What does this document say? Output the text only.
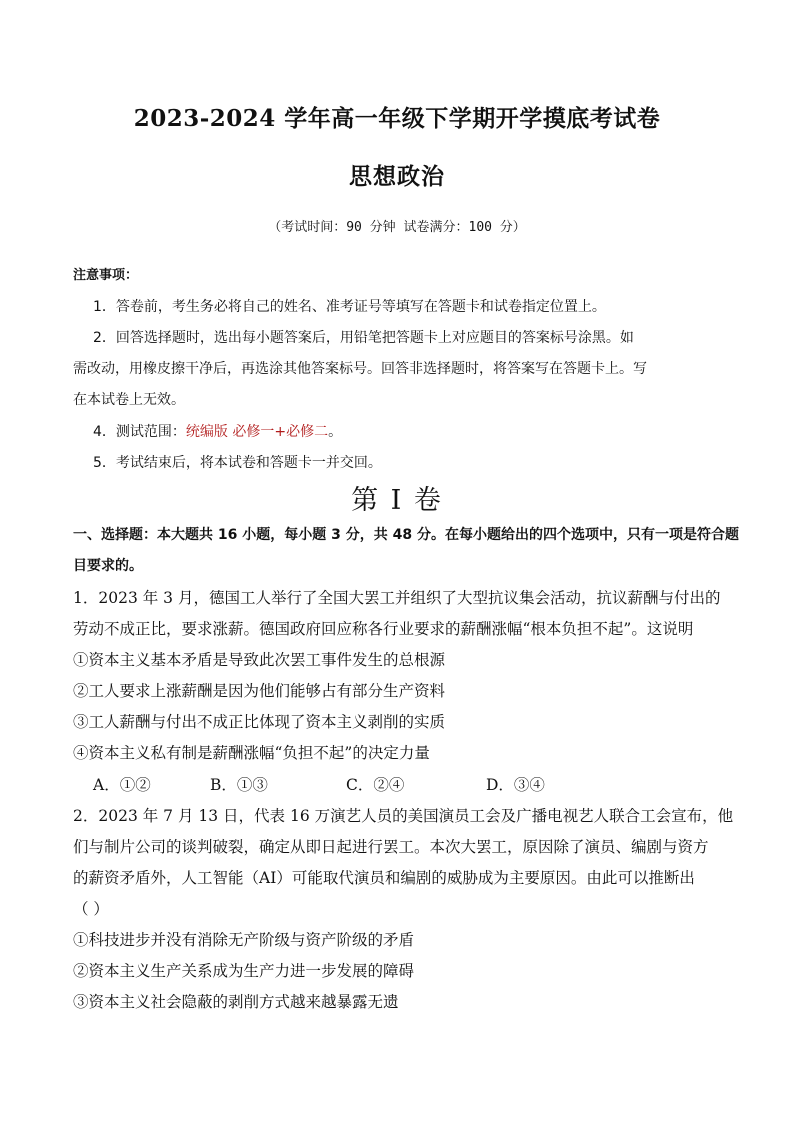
2023-2024 学年高一年级下学期开学摸底考试卷
思想政治
（考试时间：90 分钟 试卷满分：100 分）
注意事项：
1．答卷前，考生务必将自己的姓名、准考证号等填写在答题卡和试卷指定位置上。
2．回答选择题时，选出每小题答案后，用铅笔把答题卡上对应题目的答案标号涂黑。如
需改动，用橡皮擦干净后，再选涂其他答案标号。回答非选择题时，将答案写在答题卡上。写
在本试卷上无效。
4．测试范围：统编版 必修一+必修二。
5．考试结束后，将本试卷和答题卡一并交回。
第 I 卷
一、选择题：本大题共 16 小题，每小题 3 分，共 48 分。在每小题给出的四个选项中，只有一项是符合题
目要求的。
1．2023 年 3 月，德国工人举行了全国大罢工并组织了大型抗议集会活动，抗议薪酬与付出的
劳动不成正比，要求涨薪。德国政府回应称各行业要求的薪酬涨幅“根本负担不起”。这说明
①资本主义基本矛盾是导致此次罢工事件发生的总根源
②工人要求上涨薪酬是因为他们能够占有部分生产资料
③工人薪酬与付出不成正比体现了资本主义剥削的实质
④资本主义私有制是薪酬涨幅“负担不起”的决定力量
A．①②	B．①③	C．②④	D．③④
2．2023 年 7 月 13 日，代表 16 万演艺人员的美国演员工会及广播电视艺人联合工会宣布，他
们与制片公司的谈判破裂，确定从即日起进行罢工。本次大罢工，原因除了演员、编剧与资方
的薪资矛盾外，人工智能（AI）可能取代演员和编剧的威胁成为主要原因。由此可以推断出
（ ）
①科技进步并没有消除无产阶级与资产阶级的矛盾
②资本主义生产关系成为生产力进一步发展的障碍
③资本主义社会隐蔽的剥削方式越来越暴露无遗
